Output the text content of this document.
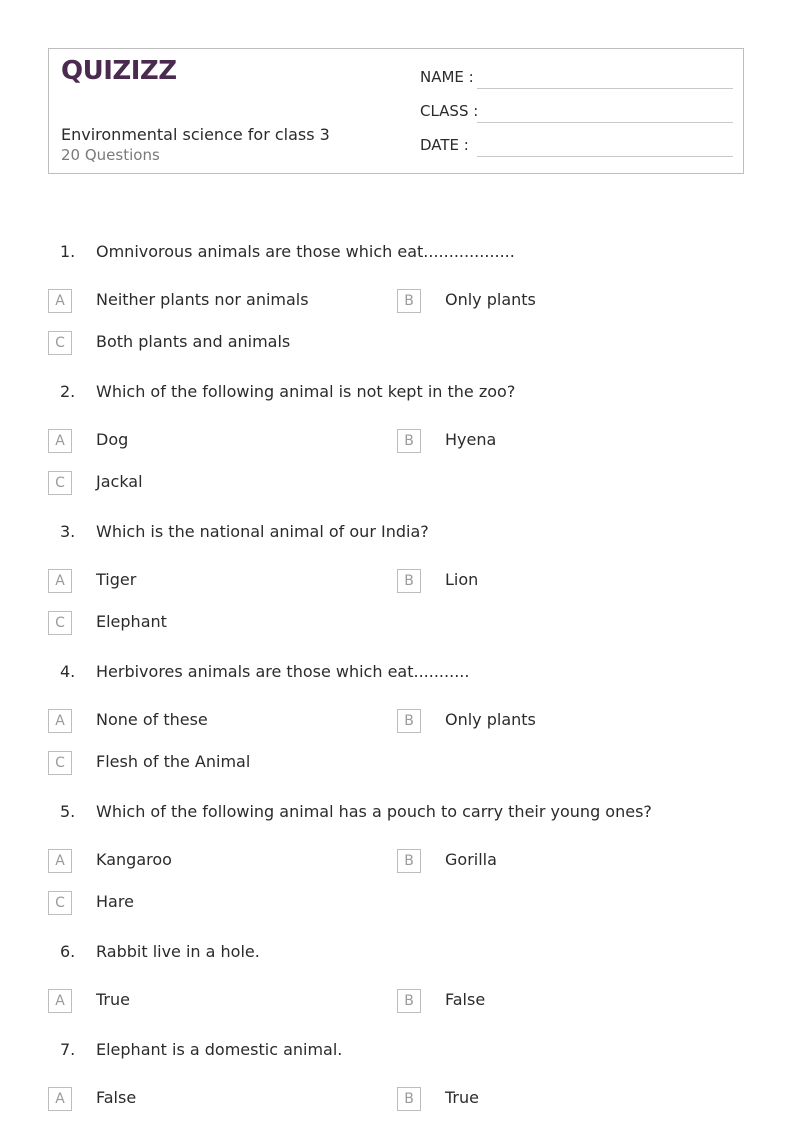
QUIZIZZ
Environmental science for class 3
20 Questions
NAME :
CLASS :
DATE :
1.	Omnivorous animals are those which eat..................
A	Neither plants nor animals	B	Only plants
C	Both plants and animals
2.	Which of the following animal is not kept in the zoo?
A	Dog	B	Hyena
C	Jackal
3.	Which is the national animal of our India?
A	Tiger	B	Lion
C	Elephant
4.	Herbivores animals are those which eat...........
A	None of these	B	Only plants
C	Flesh of the Animal
5.	Which of the following animal has a pouch to carry their young ones?
A	Kangaroo	B	Gorilla
C	Hare
6.	Rabbit live in a hole.
A	True	B	False
7.	Elephant is a domestic animal.
A	False	B	True
